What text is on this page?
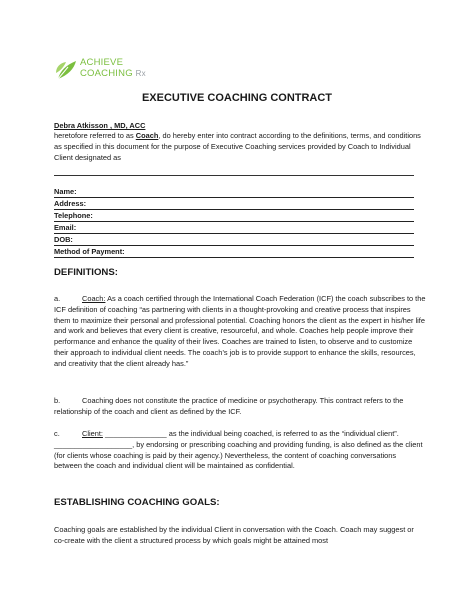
ACHIEVE
COACHING Rx
EXECUTIVE COACHING CONTRACT
Debra Atkisson , MD, ACC
heretofore referred to as Coach, do hereby enter into contract according to the definitions, terms, and conditions as specified in this document for the purpose of Executive Coaching services provided by Coach to Individual Client designated as
Name:
Address:
Telephone:
Email:
DOB:
Method of Payment:
DEFINITIONS:
a.	Coach: As a coach certified through the International Coach Federation (ICF) the coach subscribes to the ICF definition of coaching “as partnering with clients in a thought-provoking and creative process that inspires them to maximize their personal and professional potential. Coaching honors the client as the expert in his/her life and work and believes that every client is creative, resourceful, and whole. Coaches help people improve their performance and enhance the quality of their lives. Coaches are trained to listen, to observe and to customize their approach to individual client needs. The coach’s job is to provide support to enhance the skills, resources, and creativity that the client already has.”
b.	Coaching does not constitute the practice of medicine or psychotherapy. This contract refers to the relationship of the coach and client as defined by the ICF.
c.	Client: _______________ as the individual being coached, is referred to as the “individual client”. ___________________, by endorsing or prescribing coaching and providing funding, is also defined as the client (for clients whose coaching is paid by their agency.) Nevertheless, the content of coaching conversations between the coach and individual client will be maintained as confidential.
ESTABLISHING COACHING GOALS:
Coaching goals are established by the individual Client in conversation with the Coach. Coach may suggest or co-create with the client a structured process by which goals might be attained most
